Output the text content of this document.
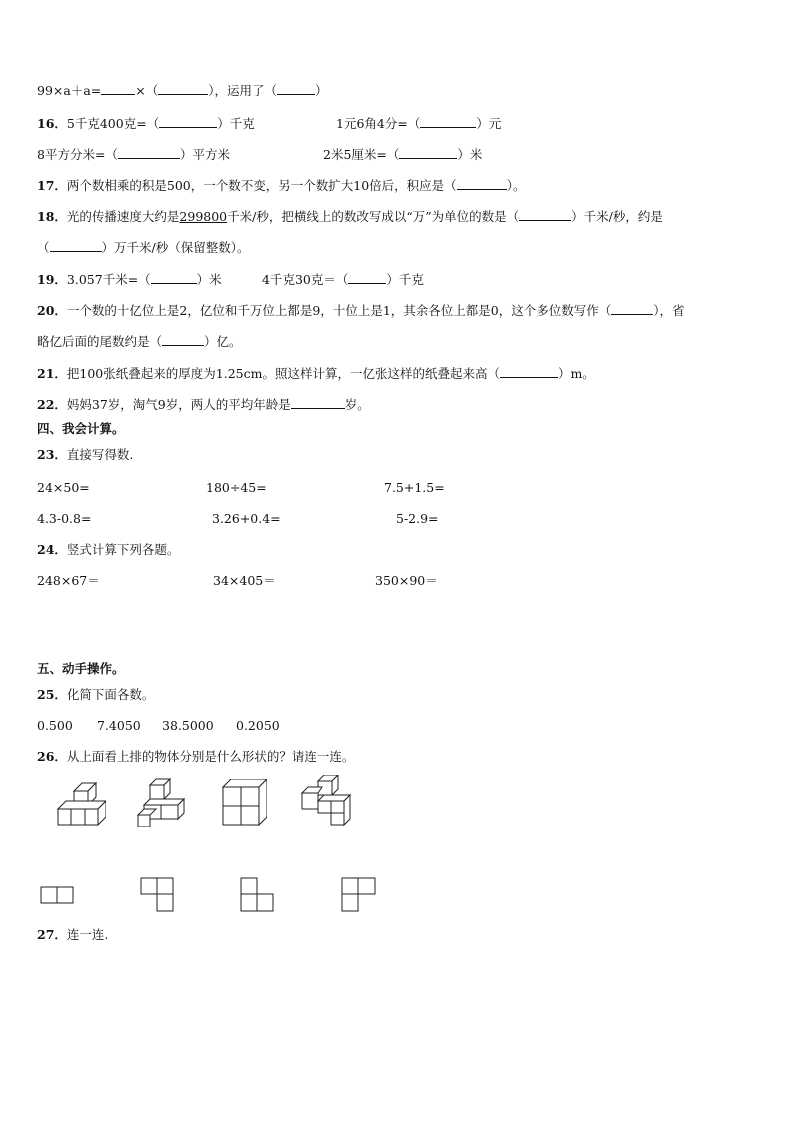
99×a＋a=	×（	），运用了（	）
16．5千克400克=（	）千克	1元6角4分=（	）元
8平方分米=（	）平方米	2米5厘米=（	）米
17．两个数相乘的积是500，一个数不变，另一个数扩大10倍后，积应是（	）。
18．光的传播速度大约是299800千米/秒，把横线上的数改写成以“万”为单位的数是（	）千米/秒，约是
（	）万千米/秒（保留整数）。
19．3.057千米=（	）米	4千克30克＝（	）千克
20．一个数的十亿位上是2，亿位和千万位上都是9，十位上是1，其余各位上都是0，这个多位数写作（	），省
略亿后面的尾数约是（	）亿。
21．把100张纸叠起来的厚度为1.25cm。照这样计算，一亿张这样的纸叠起来高（	）m。
22．妈妈37岁，淘气9岁，两人的平均年龄是	岁。
四、我会计算。
23．直接写得数.
24×50=	180÷45=	7.5+1.5=
4.3-0.8=	3.26+0.4=	5-2.9=
24．竖式计算下列各题。
248×67＝	34×405＝	350×90＝
五、动手操作。
25．化简下面各数。
0.500 7.4050 38.5000 0.2050
26．从上面看上排的物体分别是什么形状的？请连一连。
27．连一连.
